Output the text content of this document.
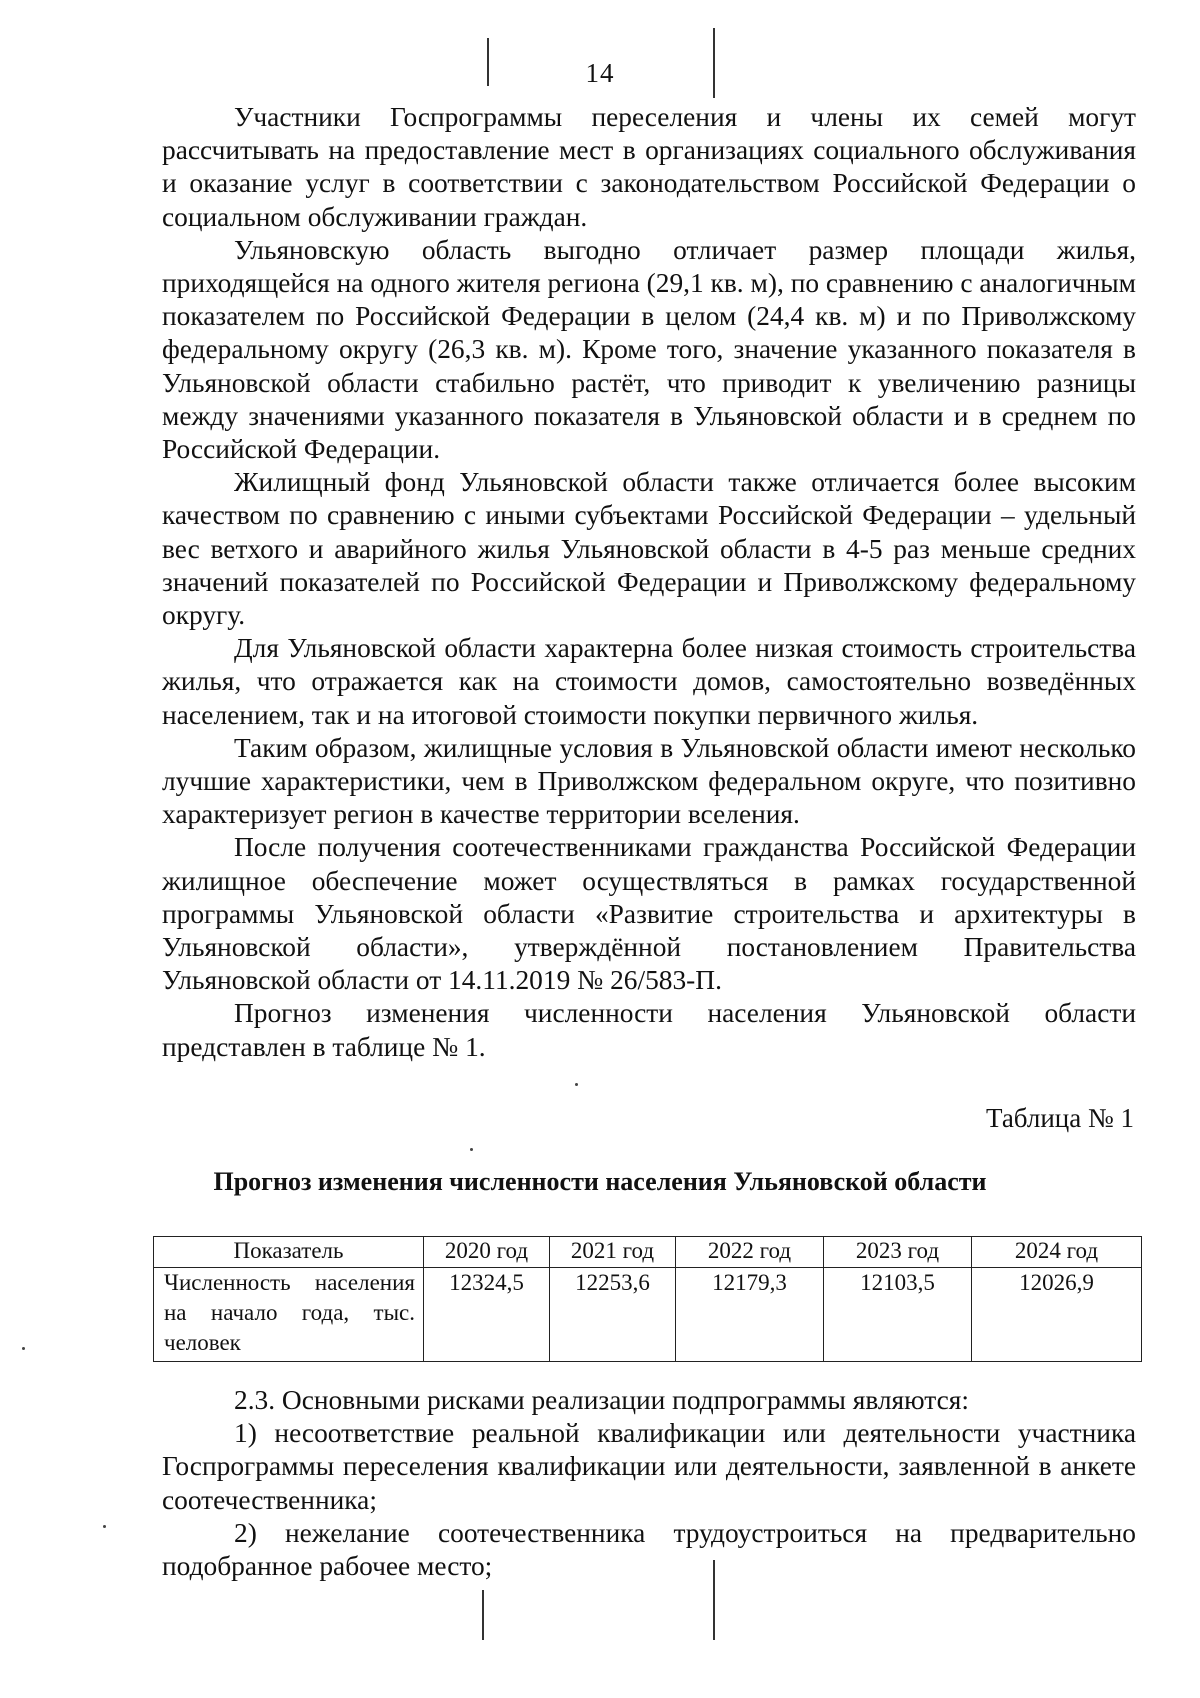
14

Участники Госпрограммы переселения и члены их семей могут рассчитывать на предоставление мест в организациях социального обслуживания и оказание услуг в соответствии с законодательством Российской Федерации о социальном обслуживании граждан.

Ульяновскую область выгодно отличает размер площади жилья, приходящейся на одного жителя региона (29,1 кв. м), по сравнению с аналогичным показателем по Российской Федерации в целом (24,4 кв. м) и по Приволжскому федеральному округу (26,3 кв. м). Кроме того, значение указанного показателя в Ульяновской области стабильно растёт, что приводит к увеличению разницы между значениями указанного показателя в Ульяновской области и в среднем по Российской Федерации.

Жилищный фонд Ульяновской области также отличается более высоким качеством по сравнению с иными субъектами Российской Федерации – удельный вес ветхого и аварийного жилья Ульяновской области в 4-5 раз меньше средних значений показателей по Российской Федерации и Приволжскому федеральному округу.

Для Ульяновской области характерна более низкая стоимость строительства жилья, что отражается как на стоимости домов, самостоятельно возведённых населением, так и на итоговой стоимости покупки первичного жилья.

Таким образом, жилищные условия в Ульяновской области имеют несколько лучшие характеристики, чем в Приволжском федеральном округе, что позитивно характеризует регион в качестве территории вселения.

После получения соотечественниками гражданства Российской Федерации жилищное обеспечение может осуществляться в рамках государственной программы Ульяновской области «Развитие строительства и архитектуры в Ульяновской области», утверждённой постановлением Правительства Ульяновской области от 14.11.2019 № 26/583-П.

Прогноз изменения численности населения Ульяновской области представлен в таблице № 1.

Таблица № 1
Прогноз изменения численности населения Ульяновской области
Показатель	2020 год	2021 год	2022 год	2023 год	2024 год
Численность населения на начало года, тыс. человек	12324,5	12253,6	12179,3	12103,5	12026,9

2.3. Основными рисками реализации подпрограммы являются:

1) несоответствие реальной квалификации или деятельности участника Госпрограммы переселения квалификации или деятельности, заявленной в анкете соотечественника;

2) нежелание соотечественника трудоустроиться на предварительно подобранное рабочее место;
